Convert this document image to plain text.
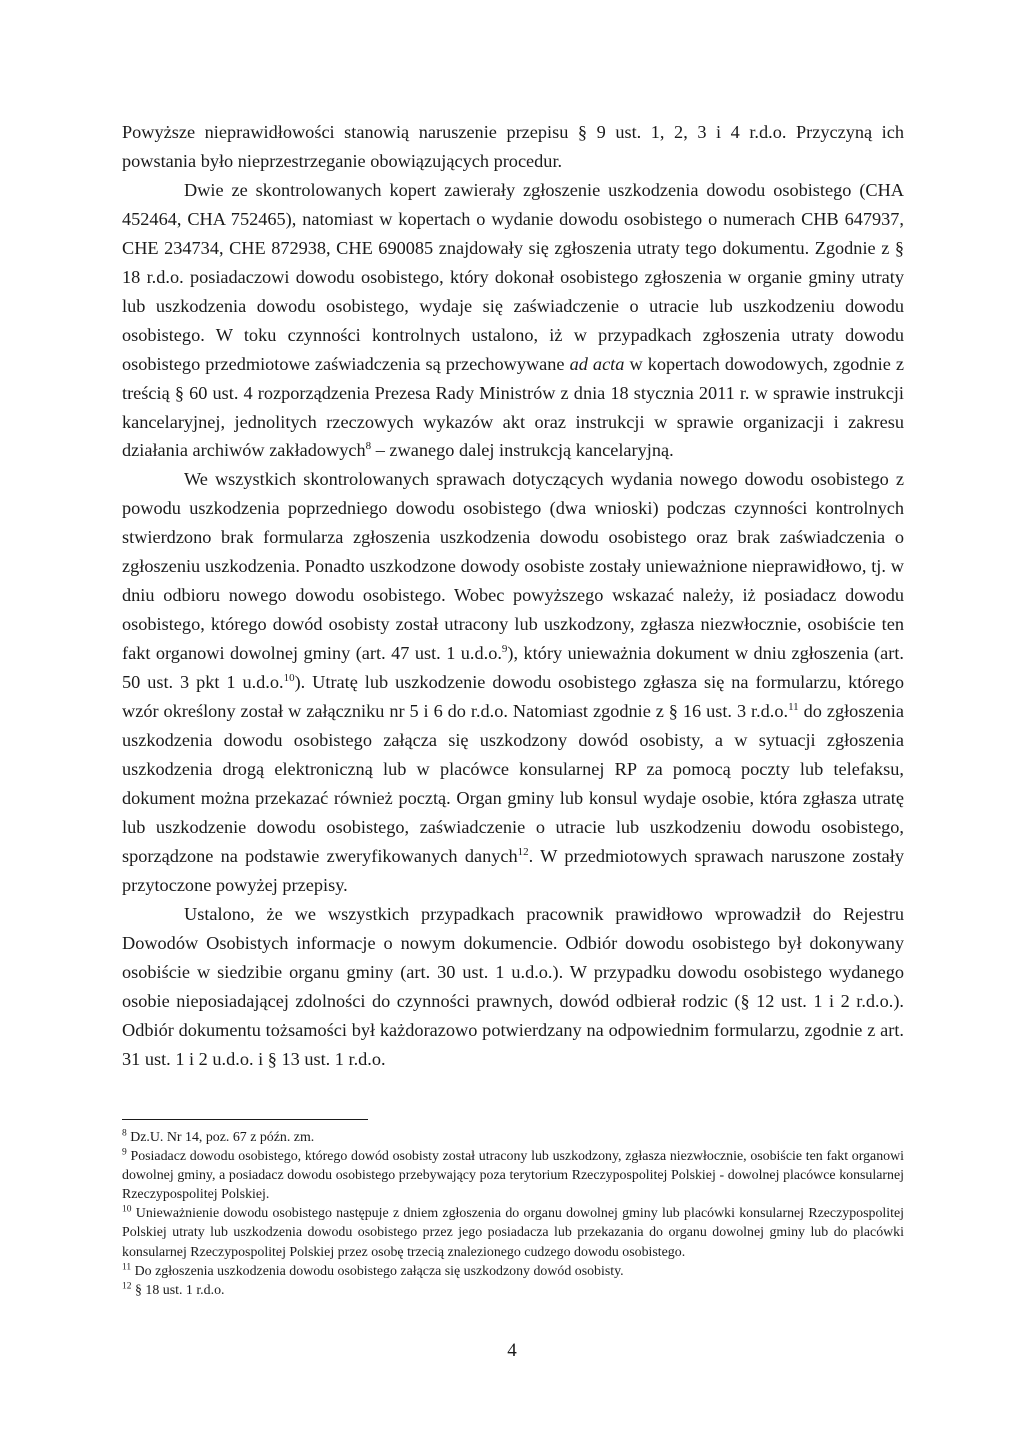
Powyższe nieprawidłowości stanowią naruszenie przepisu § 9 ust. 1, 2, 3 i 4 r.d.o. Przyczyną ich powstania było nieprzestrzeganie obowiązujących procedur.

Dwie ze skontrolowanych kopert zawierały zgłoszenie uszkodzenia dowodu osobistego (CHA 452464, CHA 752465), natomiast w kopertach o wydanie dowodu osobistego o numerach CHB 647937, CHE 234734, CHE 872938, CHE 690085 znajdowały się zgłoszenia utraty tego dokumentu. Zgodnie z § 18 r.d.o. posiadaczowi dowodu osobistego, który dokonał osobistego zgłoszenia w organie gminy utraty lub uszkodzenia dowodu osobistego, wydaje się zaświadczenie o utracie lub uszkodzeniu dowodu osobistego. W toku czynności kontrolnych ustalono, iż w przypadkach zgłoszenia utraty dowodu osobistego przedmiotowe zaświadczenia są przechowywane ad acta w kopertach dowodowych, zgodnie z treścią § 60 ust. 4 rozporządzenia Prezesa Rady Ministrów z dnia 18 stycznia 2011 r. w sprawie instrukcji kancelaryjnej, jednolitych rzeczowych wykazów akt oraz instrukcji w sprawie organizacji i zakresu działania archiwów zakładowych$^8$ – zwanego dalej instrukcją kancelaryjną.

We wszystkich skontrolowanych sprawach dotyczących wydania nowego dowodu osobistego z powodu uszkodzenia poprzedniego dowodu osobistego (dwa wnioski) podczas czynności kontrolnych stwierdzono brak formularza zgłoszenia uszkodzenia dowodu osobistego oraz brak zaświadczenia o zgłoszeniu uszkodzenia. Ponadto uszkodzone dowody osobiste zostały unieważnione nieprawidłowo, tj. w dniu odbioru nowego dowodu osobistego. Wobec powyższego wskazać należy, iż posiadacz dowodu osobistego, którego dowód osobisty został utracony lub uszkodzony, zgłasza niezwłocznie, osobiście ten fakt organowi dowolnej gminy (art. 47 ust. 1 u.d.o.$^9$), który unieważnia dokument w dniu zgłoszenia (art. 50 ust. 3 pkt 1 u.d.o.$^{10}$). Utratę lub uszkodzenie dowodu osobistego zgłasza się na formularzu, którego wzór określony został w załączniku nr 5 i 6 do r.d.o. Natomiast zgodnie z § 16 ust. 3 r.d.o.$^{11}$ do zgłoszenia uszkodzenia dowodu osobistego załącza się uszkodzony dowód osobisty, a w sytuacji zgłoszenia uszkodzenia drogą elektroniczną lub w placówce konsularnej RP za pomocą poczty lub telefaksu, dokument można przekazać również pocztą. Organ gminy lub konsul wydaje osobie, która zgłasza utratę lub uszkodzenie dowodu osobistego, zaświadczenie o utracie lub uszkodzeniu dowodu osobistego, sporządzone na podstawie zweryfikowanych danych$^{12}$. W przedmiotowych sprawach naruszone zostały przytoczone powyżej przepisy.

Ustalono, że we wszystkich przypadkach pracownik prawidłowo wprowadził do Rejestru Dowodów Osobistych informacje o nowym dokumencie. Odbiór dowodu osobistego był dokonywany osobiście w siedzibie organu gminy (art. 30 ust. 1 u.d.o.). W przypadku dowodu osobistego wydanego osobie nieposiadającej zdolności do czynności prawnych, dowód odbierał rodzic (§ 12 ust. 1 i 2 r.d.o.). Odbiór dokumentu tożsamości był każdorazowo potwierdzany na odpowiednim formularzu, zgodnie z art. 31 ust. 1 i 2 u.d.o. i § 13 ust. 1 r.d.o.

$^8$ Dz.U. Nr 14, poz. 67 z późn. zm.

$^9$ Posiadacz dowodu osobistego, którego dowód osobisty został utracony lub uszkodzony, zgłasza niezwłocznie, osobiście ten fakt organowi dowolnej gminy, a posiadacz dowodu osobistego przebywający poza terytorium Rzeczypospolitej Polskiej - dowolnej placówce konsularnej Rzeczypospolitej Polskiej.

$^{10}$ Unieważnienie dowodu osobistego następuje z dniem zgłoszenia do organu dowolnej gminy lub placówki konsularnej Rzeczypospolitej Polskiej utraty lub uszkodzenia dowodu osobistego przez jego posiadacza lub przekazania do organu dowolnej gminy lub do placówki konsularnej Rzeczypospolitej Polskiej przez osobę trzecią znalezionego cudzego dowodu osobistego.

$^{11}$ Do zgłoszenia uszkodzenia dowodu osobistego załącza się uszkodzony dowód osobisty.

$^{12}$ § 18 ust. 1 r.d.o.

4
